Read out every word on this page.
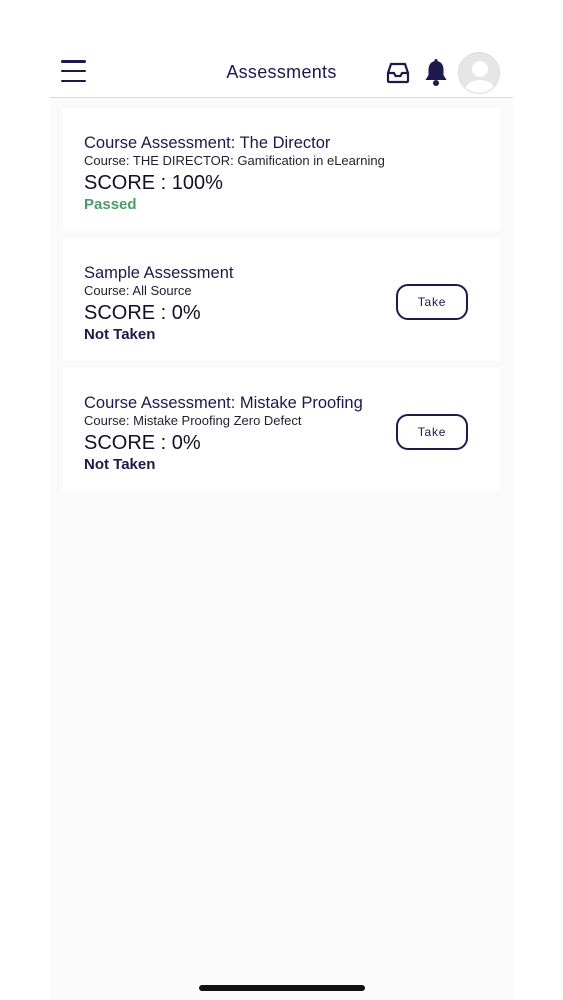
Assessments
Course Assessment: The Director
Course: THE DIRECTOR: Gamification in eLearning
SCORE : 100%
Passed
Sample Assessment
Course: All Source
SCORE : 0%
Not Taken
Take
Course Assessment: Mistake Proofing
Course: Mistake Proofing Zero Defect
SCORE : 0%
Not Taken
Take
